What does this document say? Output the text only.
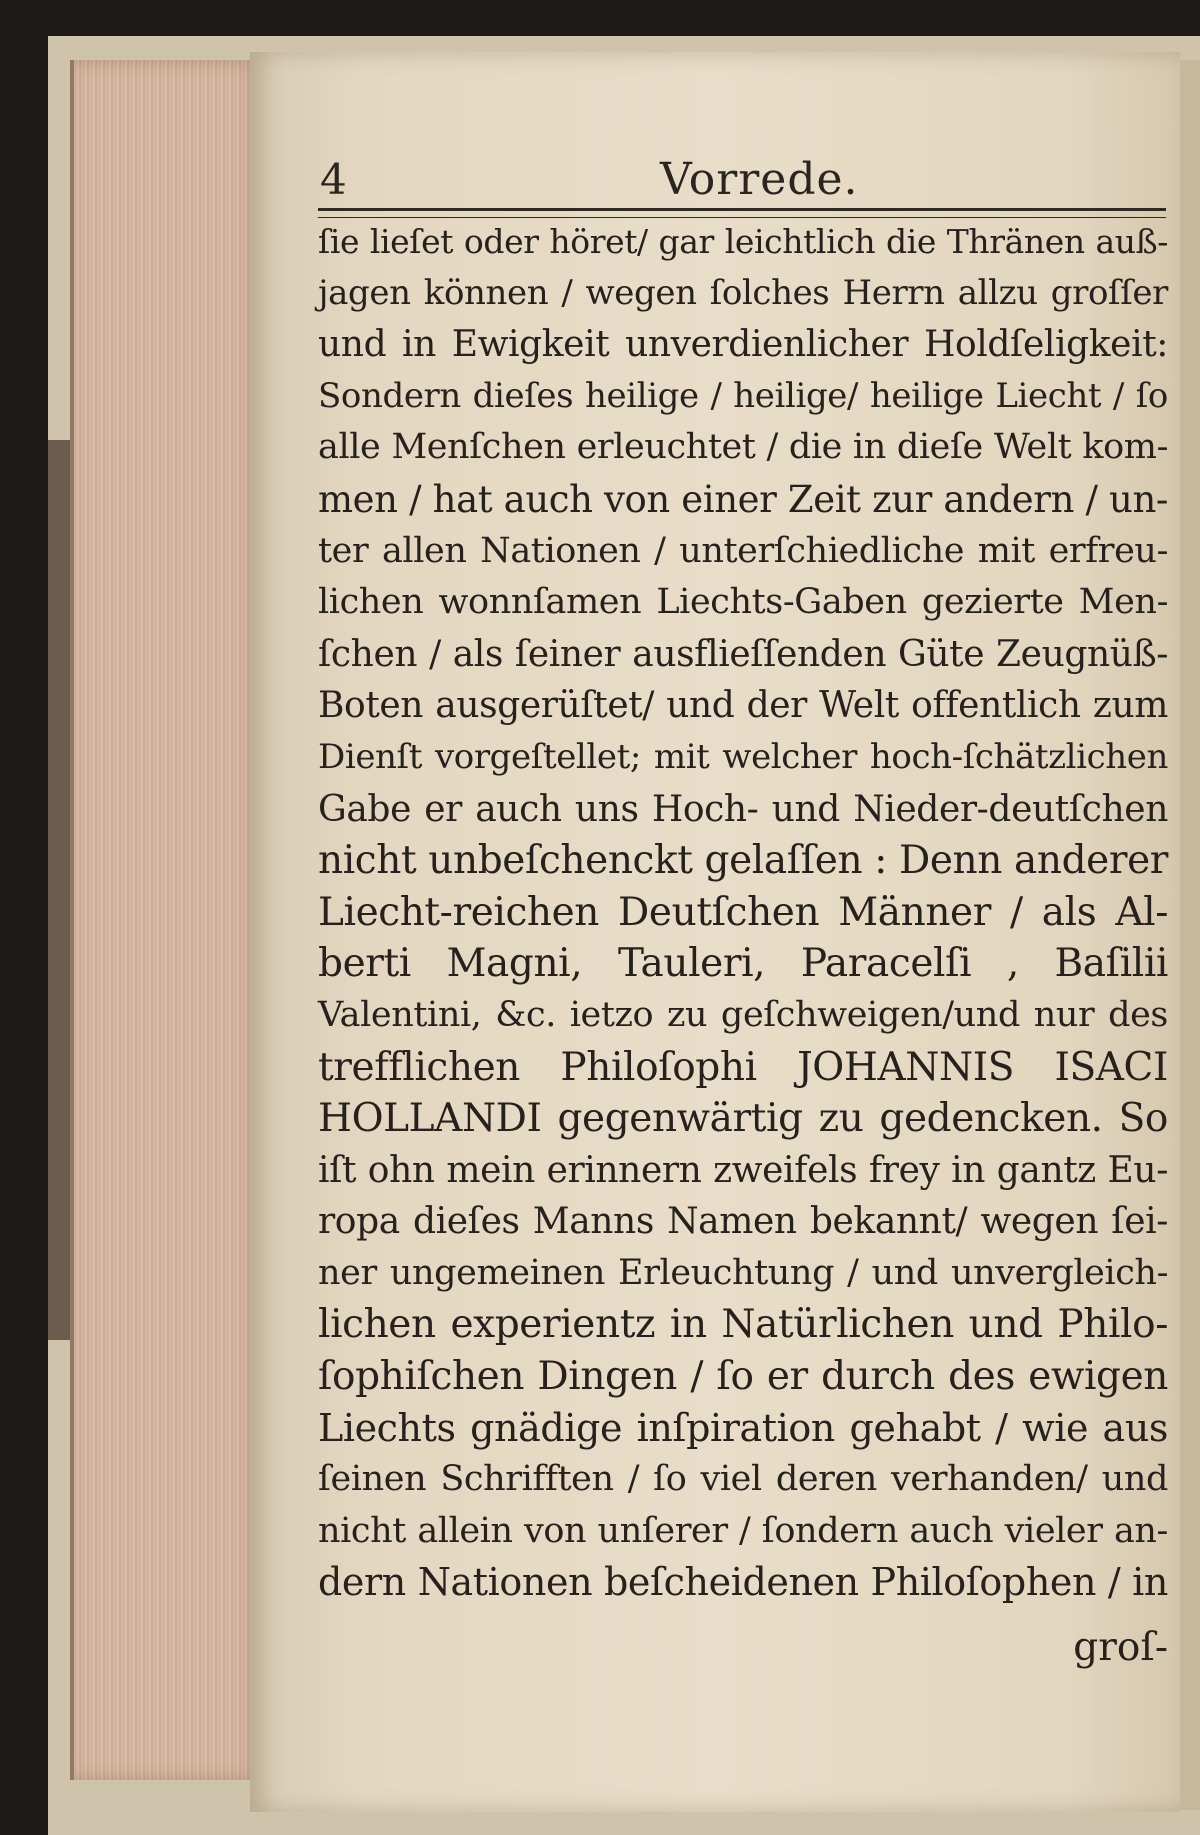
4	Vorrede.
ſie lieſet oder höret/ gar leichtlich die Thränen auß-
jagen können / wegen ſolches Herrn allzu groſſer
und in Ewigkeit unverdienlicher Holdſeligkeit:
Sondern dieſes heilige / heilige/ heilige Liecht / ſo
alle Menſchen erleuchtet / die in dieſe Welt kom-
men / hat auch von einer Zeit zur andern / un-
ter allen Nationen / unterſchiedliche mit erfreu-
lichen wonnſamen Liechts-Gaben gezierte Men-
ſchen / als ſeiner ausflieſſenden Güte Zeugnüß-
Boten ausgerüſtet/ und der Welt offentlich zum
Dienſt vorgeſtellet; mit welcher hoch-ſchätzlichen
Gabe er auch uns Hoch- und Nieder-deutſchen
nicht unbeſchenckt gelaſſen : Denn anderer
Liecht-reichen Deutſchen Männer / als Al-
berti Magni, Tauleri, Paracelſi , Baſilii
Valentini, &c. ietzo zu geſchweigen/und nur des
trefflichen Philoſophi JOHANNIS ISACI
HOLLANDI gegenwärtig zu gedencken. So
iſt ohn mein erinnern zweifels frey in gantz Eu-
ropa dieſes Manns Namen bekannt/ wegen ſei-
ner ungemeinen Erleuchtung / und unvergleich-
lichen experientz in Natürlichen und Philo-
ſophiſchen Dingen / ſo er durch des ewigen
Liechts gnädige inſpiration gehabt / wie aus
ſeinen Schrifften / ſo viel deren verhanden/ und
nicht allein von unſerer / ſondern auch vieler an-
dern Nationen beſcheidenen Philoſophen / in
groſ-
